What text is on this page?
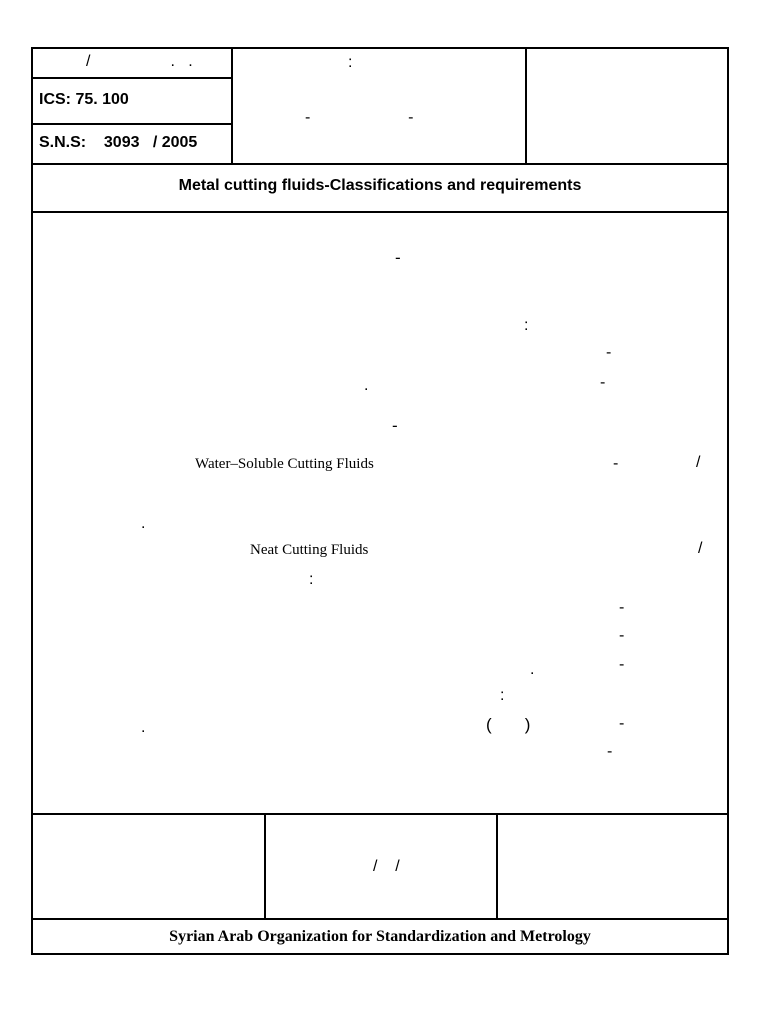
/                  .   .
ICS: 75. 100
S.N.S:    3093   / 2005
:
-                      -
Metal cutting fluids-Classifications and requirements
-
:
-
.	-
-
Water–Soluble Cutting Fluids	-	/
.
Neat Cutting Fluids	/
:
-
-
.	-
:
.	(       )	-
-
/    /
Syrian Arab Organization for Standardization and Metrology
